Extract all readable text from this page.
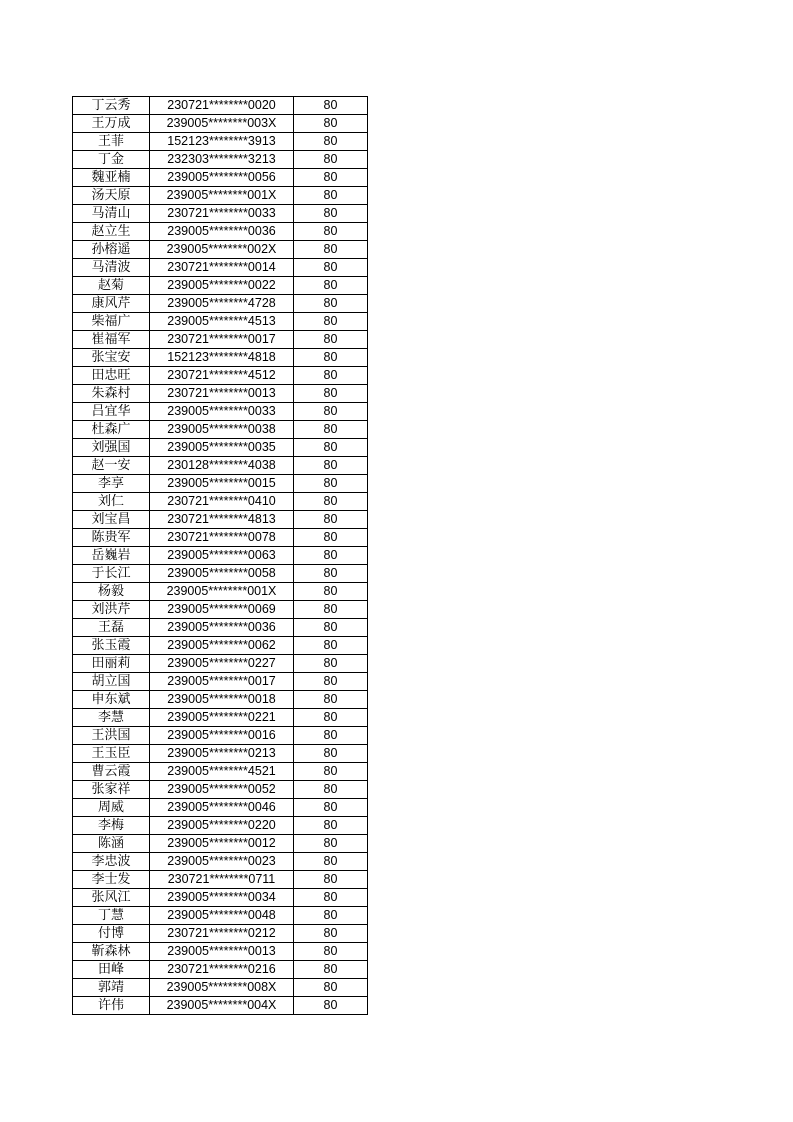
丁云秀	230721********0020	80
王万成	239005********003X	80
王菲	152123********3913	80
丁金	232303********3213	80
魏亚楠	239005********0056	80
汤天原	239005********001X	80
马清山	230721********0033	80
赵立生	239005********0036	80
孙榕遥	239005********002X	80
马清波	230721********0014	80
赵菊	239005********0022	80
康风芹	239005********4728	80
柴福广	239005********4513	80
崔福军	230721********0017	80
张宝安	152123********4818	80
田忠旺	230721********4512	80
朱森村	230721********0013	80
吕宜华	239005********0033	80
杜森广	239005********0038	80
刘强国	239005********0035	80
赵一安	230128********4038	80
李享	239005********0015	80
刘仁	230721********0410	80
刘宝昌	230721********4813	80
陈贵军	230721********0078	80
岳巍岩	239005********0063	80
于长江	239005********0058	80
杨毅	239005********001X	80
刘洪芹	239005********0069	80
王磊	239005********0036	80
张玉霞	239005********0062	80
田丽莉	239005********0227	80
胡立国	239005********0017	80
申东斌	239005********0018	80
李慧	239005********0221	80
王洪国	239005********0016	80
王玉臣	239005********0213	80
曹云霞	239005********4521	80
张家祥	239005********0052	80
周威	239005********0046	80
李梅	239005********0220	80
陈涵	239005********0012	80
李忠波	239005********0023	80
李士发	230721********0711	80
张风江	239005********0034	80
丁慧	239005********0048	80
付博	230721********0212	80
靳森林	239005********0013	80
田峰	230721********0216	80
郭靖	239005********008X	80
许伟	239005********004X	80
